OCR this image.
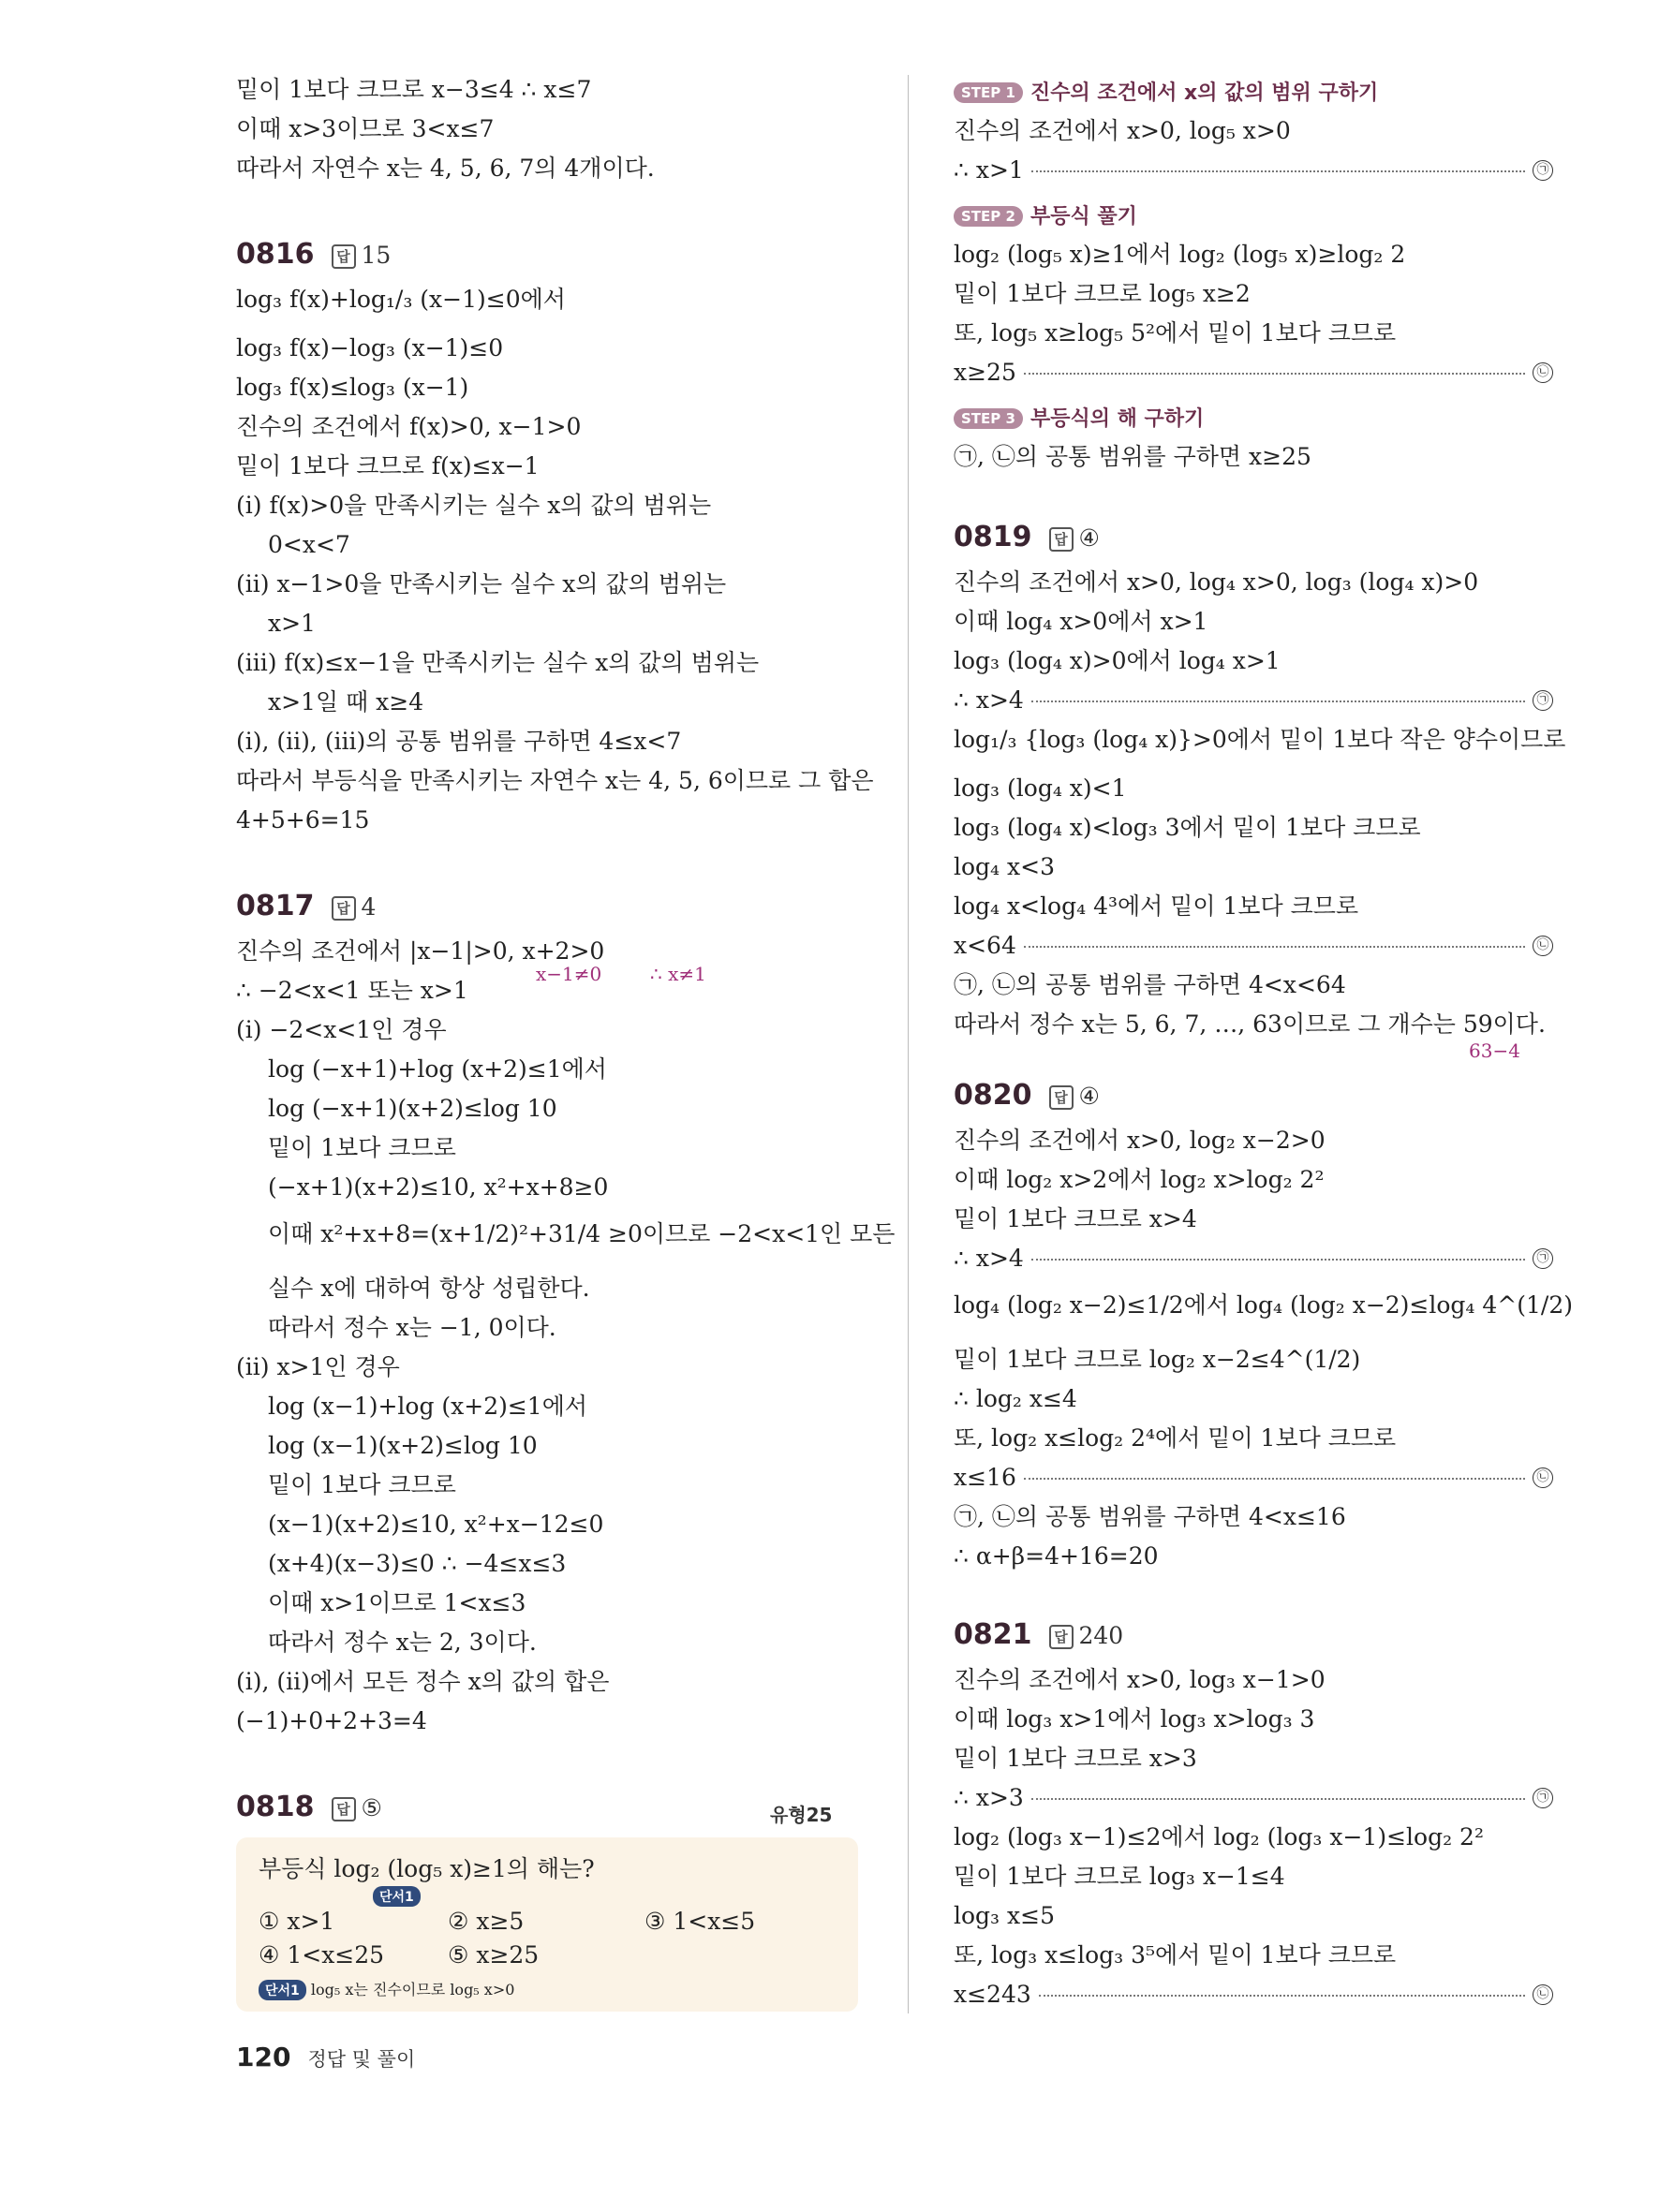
밑이 1보다 크므로 x−3≤4 ∴ x≤7
이때 x>3이므로 3<x≤7
따라서 자연수 x는 4, 5, 6, 7의 4개이다.
0816 답 15
log₃ f(x)+log₁/₃ (x−1)≤0에서
log₃ f(x)−log₃ (x−1)≤0
log₃ f(x)≤log₃ (x−1)
진수의 조건에서 f(x)>0, x−1>0
밑이 1보다 크므로 f(x)≤x−1
(i) f(x)>0을 만족시키는 실수 x의 값의 범위는
0<x<7
(ii) x−1>0을 만족시키는 실수 x의 값의 범위는
x>1
(iii) f(x)≤x−1을 만족시키는 실수 x의 값의 범위는
x>1일 때 x≥4
(i), (ii), (iii)의 공통 범위를 구하면 4≤x<7
따라서 부등식을 만족시키는 자연수 x는 4, 5, 6이므로 그 합은
4+5+6=15
0817 답 4
진수의 조건에서 |x−1|>0, x+2>0
x−1≠0	∴ x≠1
∴ −2<x<1 또는 x>1
(i) −2<x<1인 경우
log (−x+1)+log (x+2)≤1에서
log (−x+1)(x+2)≤log 10
밑이 1보다 크므로
(−x+1)(x+2)≤10, x²+x+8≥0
이때 x²+x+8=(x+1/2)²+31/4 ≥0이므로 −2<x<1인 모든
실수 x에 대하여 항상 성립한다.
따라서 정수 x는 −1, 0이다.
(ii) x>1인 경우
log (x−1)+log (x+2)≤1에서
log (x−1)(x+2)≤log 10
밑이 1보다 크므로
(x−1)(x+2)≤10, x²+x−12≤0
(x+4)(x−3)≤0 ∴ −4≤x≤3
이때 x>1이므로 1<x≤3
따라서 정수 x는 2, 3이다.
(i), (ii)에서 모든 정수 x의 값의 합은
(−1)+0+2+3=4
0818 답 ⑤	유형25
부등식 log₂ (log₅ x)≥1의 해는?
단서1
① x>1	② x≥5	③ 1<x≤5
④ 1<x≤25	⑤ x≥25
단서1 log₅ x는 진수이므로 log₅ x>0
STEP 1 진수의 조건에서 x의 값의 범위 구하기
진수의 조건에서 x>0, log₅ x>0
∴ x>1	㉠
STEP 2 부등식 풀기
log₂ (log₅ x)≥1에서 log₂ (log₅ x)≥log₂ 2
밑이 1보다 크므로 log₅ x≥2
또, log₅ x≥log₅ 5²에서 밑이 1보다 크므로
x≥25	㉡
STEP 3 부등식의 해 구하기
㉠, ㉡의 공통 범위를 구하면 x≥25
0819 답 ④
진수의 조건에서 x>0, log₄ x>0, log₃ (log₄ x)>0
이때 log₄ x>0에서 x>1
log₃ (log₄ x)>0에서 log₄ x>1
∴ x>4	㉠
log₁/₃ {log₃ (log₄ x)}>0에서 밑이 1보다 작은 양수이므로
log₃ (log₄ x)<1
log₃ (log₄ x)<log₃ 3에서 밑이 1보다 크므로
log₄ x<3
log₄ x<log₄ 4³에서 밑이 1보다 크므로
x<64	㉡
㉠, ㉡의 공통 범위를 구하면 4<x<64
따라서 정수 x는 5, 6, 7, …, 63이므로 그 개수는 59이다.
63−4
0820 답 ④
진수의 조건에서 x>0, log₂ x−2>0
이때 log₂ x>2에서 log₂ x>log₂ 2²
밑이 1보다 크므로 x>4
∴ x>4	㉠
log₄ (log₂ x−2)≤1/2에서 log₄ (log₂ x−2)≤log₄ 4^(1/2)
밑이 1보다 크므로 log₂ x−2≤4^(1/2)
∴ log₂ x≤4
또, log₂ x≤log₂ 2⁴에서 밑이 1보다 크므로
x≤16	㉡
㉠, ㉡의 공통 범위를 구하면 4<x≤16
∴ α+β=4+16=20
0821 답 240
진수의 조건에서 x>0, log₃ x−1>0
이때 log₃ x>1에서 log₃ x>log₃ 3
밑이 1보다 크므로 x>3
∴ x>3	㉠
log₂ (log₃ x−1)≤2에서 log₂ (log₃ x−1)≤log₂ 2²
밑이 1보다 크므로 log₃ x−1≤4
log₃ x≤5
또, log₃ x≤log₃ 3⁵에서 밑이 1보다 크므로
x≤243	㉡
120 정답 및 풀이
